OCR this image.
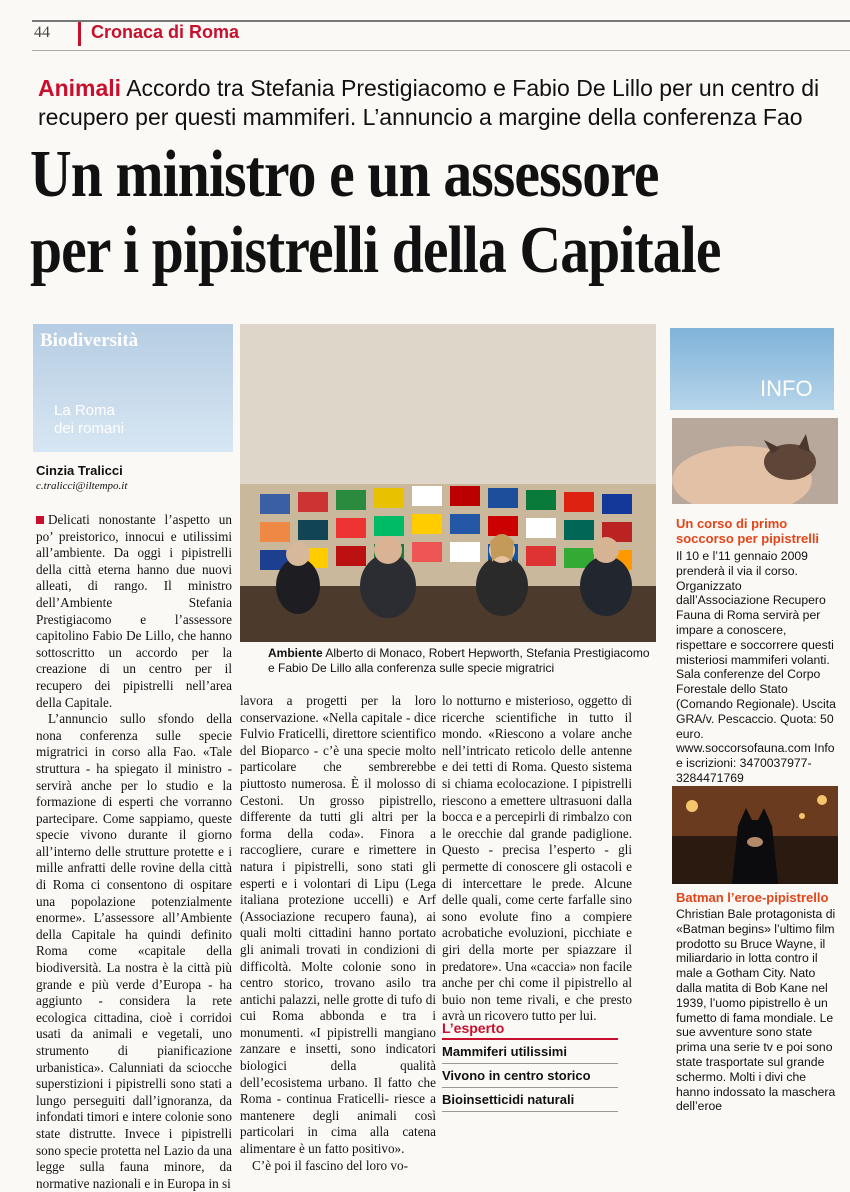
44	Cronaca di Roma
Animali Accordo tra Stefania Prestigiacomo e Fabio De Lillo per un centro di recupero per questi mammiferi. L’annuncio a margine della conferenza Fao
Un ministro e un assessore
per i pipistrelli della Capitale
Biodiversità
La Roma
dei romani
Cinzia Tralicci
c.tralicci@iltempo.it

Delicati nonostante l’aspetto un po’ preistorico, innocui e utilissimi all’ambiente. Da oggi i pipistrelli della città eterna hanno due nuovi alleati, di rango. Il ministro dell’Ambiente Stefania Prestigiacomo e l’assessore capitolino Fabio De Lillo, che hanno sottoscritto un accordo per la creazione di un centro per il recupero dei pipistrelli nell’area della Capitale.

L’annuncio sullo sfondo della nona conferenza sulle specie migratrici in corso alla Fao. «Tale struttura - ha spiegato il ministro - servirà anche per lo studio e la formazione di esperti che vorranno partecipare. Come sappiamo, queste specie vivono durante il giorno all’interno delle strutture protette e i mille anfratti delle rovine della città di Roma ci consentono di ospitare una popolazione potenzialmente enorme». L’assessore all’Ambiente della Capitale ha quindi definito Roma come «capitale della biodiversità. La nostra è la città più grande e più verde d’Europa - ha aggiunto - considera la rete ecologica cittadina, cioè i corridoi usati da animali e vegetali, uno strumento di pianificazione urbanistica». Calunniati da sciocche superstizioni i pipistrelli sono stati a lungo perseguiti dall’ignoranza, da infondati timori e intere colonie sono state distrutte. Invece i pipistrelli sono specie protetta nel Lazio da una legge sulla fauna minore, da normative nazionali e in Europa in si

Ambiente Alberto di Monaco, Robert Hepworth, Stefania Prestigiacomo e Fabio De Lillo alla conferenza sulle specie migratrici

lavora a progetti per la loro conservazione. «Nella capitale - dice Fulvio Fraticelli, direttore scientifico del Bioparco - c’è una specie molto particolare che sembrerebbe piuttosto numerosa. È il molosso di Cestoni. Un grosso pipistrello, differente da tutti gli altri per la forma della coda». Finora a raccogliere, curare e rimettere in natura i pipistrelli, sono stati gli esperti e i volontari di Lipu (Lega italiana protezione uccelli) e Arf (Associazione recupero fauna), ai quali molti cittadini hanno portato gli animali trovati in condizioni di difficoltà. Molte colonie sono in centro storico, trovano asilo tra antichi palazzi, nelle grotte di tufo di cui Roma abbonda e tra i monumenti. «I pipistrelli mangiano zanzare e insetti, sono indicatori biologici della qualità dell’ecosistema urbano. Il fatto che Roma - continua Fraticelli- riesce a mantenere degli animali così particolari in cima alla catena alimentare è un fatto positivo».

C’è poi il fascino del loro vo-

lo notturno e misterioso, oggetto di ricerche scientifiche in tutto il mondo. «Riescono a volare anche nell’intricato reticolo delle antenne e dei tetti di Roma. Questo sistema si chiama ecolocazione. I pipistrelli riescono a emettere ultrasuoni dalla bocca e a percepirli di rimbalzo con le orecchie dal grande padiglione. Questo - precisa l’esperto - gli permette di conoscere gli ostacoli e di intercettare le prede. Alcune delle quali, come certe farfalle sino sono evolute fino a compiere acrobatiche evoluzioni, picchiate e giri della morte per spiazzare il predatore». Una «caccia» non facile anche per chi come il pipistrello al buio non teme rivali, e che presto avrà un ricovero tutto per lui.

L’esperto
Mammiferi utilissimi
Vivono in centro storico
Bioinsetticidi naturali
INFO
Un corso di primo soccorso per pipistrelli
Il 10 e l’11 gennaio 2009 prenderà il via il corso. Organizzato dall’Associazione Recupero Fauna di Roma servirà per impare a conoscere, rispettare e soccorrere questi misteriosi mammiferi volanti. Sala conferenze del Corpo Forestale dello Stato (Comando Regionale). Uscita GRA/v. Pescaccio. Quota: 50 euro. www.soccorsofauna.com Info e iscrizioni: 3470037977-3284471769
Batman l’eroe-pipistrello
Christian Bale protagonista di «Batman begins» l’ultimo film prodotto su Bruce Wayne, il miliardario in lotta contro il male a Gotham City. Nato dalla matita di Bob Kane nel 1939, l’uomo pipistrello è un fumetto di fama mondiale. Le sue avventure sono state prima una serie tv e poi sono state trasportate sul grande schermo. Molti i divi che hanno indossato la maschera dell’eroe
